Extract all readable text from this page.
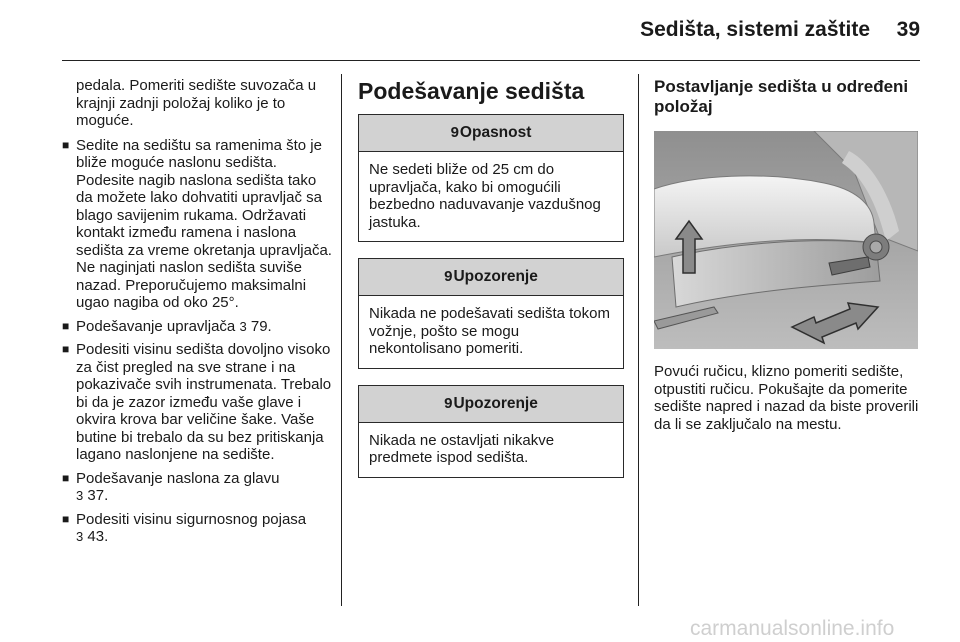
Sedišta, sistemi zaštite 39

pedala. Pomeriti sedište suvozača u krajnji zadnji položaj koliko je to moguće.

■ Sedite na sedištu sa ramenima što je bliže moguće naslonu sedišta. Podesite nagib naslona sedišta tako da možete lako dohvatiti upravljač sa blago savijenim rukama. Održavati kontakt između ramena i naslona sedišta za vreme okretanja upravljača. Ne naginjati naslon sedišta suviše nazad. Preporučujemo maksimalni ugao nagiba od oko 25°.
■ Podešavanje upravljača 3 79.
■ Podesiti visinu sedišta dovoljno visoko za čist pregled na sve strane i na pokazivače svih instrumenata. Trebalo bi da je zazor između vaše glave i okvira krova bar veličine šake. Vaše butine bi trebalo da su bez pritiskanja lagano naslonjene na sedište.
■ Podešavanje naslona za glavu
3 37.
■ Podesiti visinu sigurnosnog pojasa
3 43.
Podešavanje sedišta
9Opasnost
Ne sedeti bliže od 25 cm do upravljača, kako bi omogućili bezbedno naduvavanje vazdušnog jastuka.
9Upozorenje
Nikada ne podešavati sedišta tokom vožnje, pošto se mogu nekontolisano pomeriti.
9Upozorenje
Nikada ne ostavljati nikakve predmete ispod sedišta.
Postavljanje sedišta u određeni položaj
Povući ručicu, klizno pomeriti sedište, otpustiti ručicu. Pokušajte da pomerite sedište napred i nazad da biste proverili da li se zaključalo na mestu.
carmanualsonline.info
